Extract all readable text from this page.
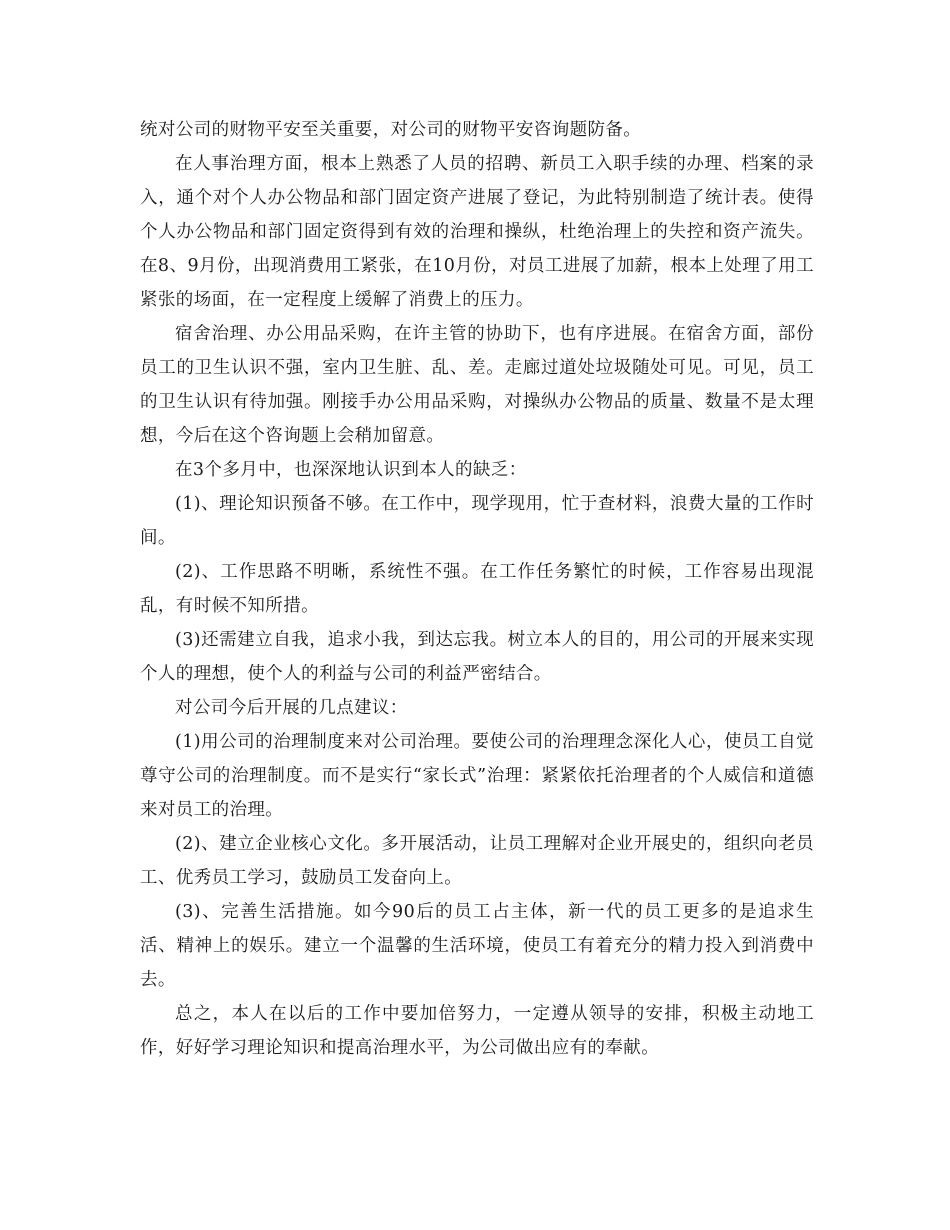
统对公司的财物平安至关重要，对公司的财物平安咨询题防备。

在人事治理方面，根本上熟悉了人员的招聘、新员工入职手续的办理、档案的录入，通个对个人办公物品和部门固定资产进展了登记，为此特别制造了统计表。使得个人办公物品和部门固定资得到有效的治理和操纵，杜绝治理上的失控和资产流失。在8、9月份，出现消费用工紧张，在10月份，对员工进展了加薪，根本上处理了用工紧张的场面，在一定程度上缓解了消费上的压力。

宿舍治理、办公用品采购，在许主管的协助下，也有序进展。在宿舍方面，部份员工的卫生认识不强，室内卫生脏、乱、差。走廊过道处垃圾随处可见。可见，员工的卫生认识有待加强。刚接手办公用品采购，对操纵办公物品的质量、数量不是太理想，今后在这个咨询题上会稍加留意。

在3个多月中，也深深地认识到本人的缺乏：

(1)、理论知识预备不够。在工作中，现学现用，忙于查材料，浪费大量的工作时间。

(2)、工作思路不明晰，系统性不强。在工作任务繁忙的时候，工作容易出现混乱，有时候不知所措。

(3)还需建立自我，追求小我，到达忘我。树立本人的目的，用公司的开展来实现个人的理想，使个人的利益与公司的利益严密结合。

对公司今后开展的几点建议：

(1)用公司的治理制度来对公司治理。要使公司的治理理念深化人心，使员工自觉尊守公司的治理制度。而不是实行“家长式”治理：紧紧依托治理者的个人威信和道德来对员工的治理。

(2)、建立企业核心文化。多开展活动，让员工理解对企业开展史的，组织向老员工、优秀员工学习，鼓励员工发奋向上。

(3)、完善生活措施。如今90后的员工占主体，新一代的员工更多的是追求生活、精神上的娱乐。建立一个温馨的生活环境，使员工有着充分的精力投入到消费中去。

总之，本人在以后的工作中要加倍努力，一定遵从领导的安排，积极主动地工作，好好学习理论知识和提高治理水平，为公司做出应有的奉献。
